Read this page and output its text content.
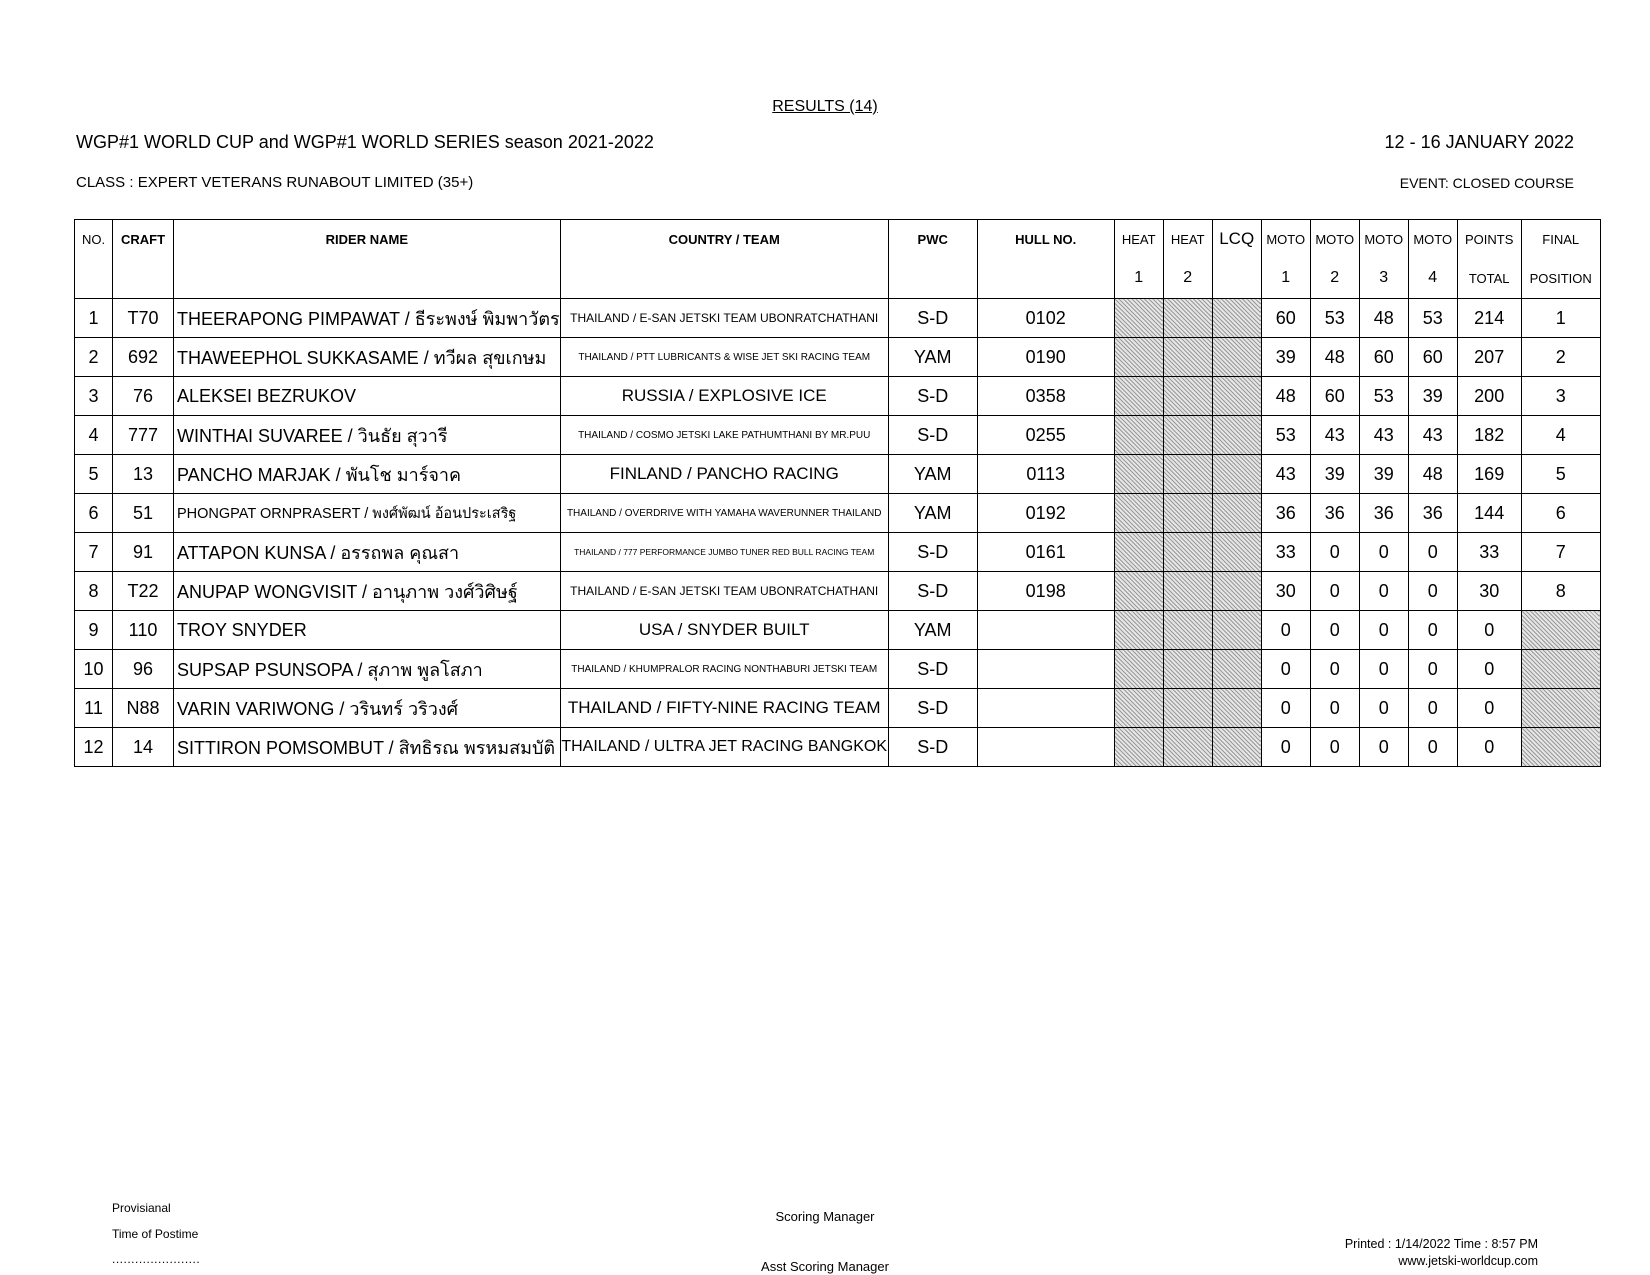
RESULTS (14)
WGP#1 WORLD CUP and WGP#1 WORLD SERIES season 2021-2022	12 - 16 JANUARY 2022
CLASS : EXPERT VETERANS RUNABOUT LIMITED (35+)	EVENT: CLOSED COURSE
NO.	CRAFT	RIDER NAME	COUNTRY / TEAM	PWC	HULL NO.	HEAT	HEAT	LCQ	MOTO	MOTO	MOTO	MOTO	POINTS	FINAL
						1	2		1	2	3	4	TOTAL	POSITION
1	T70	THEERAPONG PIMPAWAT / ธีระพงษ์ พิมพาวัตร	THAILAND / E-SAN JETSKI TEAM UBONRATCHATHANI	S-D	0102				60	53	48	53	214	1
2	692	THAWEEPHOL SUKKASAME / ทวีผล สุขเกษม	THAILAND / PTT LUBRICANTS & WISE JET SKI RACING TEAM	YAM	0190				39	48	60	60	207	2
3	76	ALEKSEI BEZRUKOV	RUSSIA / EXPLOSIVE ICE	S-D	0358				48	60	53	39	200	3
4	777	WINTHAI SUVAREE / วินธัย สุวารี	THAILAND / COSMO JETSKI LAKE PATHUMTHANI BY MR.PUU	S-D	0255				53	43	43	43	182	4
5	13	PANCHO MARJAK / พันโช มาร์จาค	FINLAND / PANCHO RACING	YAM	0113				43	39	39	48	169	5
6	51	PHONGPAT ORNPRASERT / พงศ์พัฒน์ อ้อนประเสริฐ	THAILAND / OVERDRIVE WITH YAMAHA WAVERUNNER THAILAND	YAM	0192				36	36	36	36	144	6
7	91	ATTAPON KUNSA / อรรถพล คุณสา	THAILAND / 777 PERFORMANCE JUMBO TUNER RED BULL RACING TEAM	S-D	0161				33	0	0	0	33	7
8	T22	ANUPAP WONGVISIT / อานุภาพ วงศ์วิศิษฐ์	THAILAND / E-SAN JETSKI TEAM UBONRATCHATHANI	S-D	0198				30	0	0	0	30	8
9	110	TROY SNYDER	USA / SNYDER BUILT	YAM					0	0	0	0	0	
10	96	SUPSAP PSUNSOPA / สุภาพ พูลโสภา	THAILAND / KHUMPRALOR RACING NONTHABURI JETSKI TEAM	S-D					0	0	0	0	0	
11	N88	VARIN VARIWONG / วรินทร์ วริวงศ์	THAILAND / FIFTY-NINE RACING TEAM	S-D					0	0	0	0	0	
12	14	SITTIRON POMSOMBUT / สิทธิรณ พรหมสมบัติ	THAILAND / ULTRA JET RACING BANGKOK	S-D					0	0	0	0	0	
Provisianal
Time of Postime
.......................
Scoring Manager
Asst Scoring Manager
Printed : 1/14/2022 Time : 8:57 PM
www.jetski-worldcup.com
